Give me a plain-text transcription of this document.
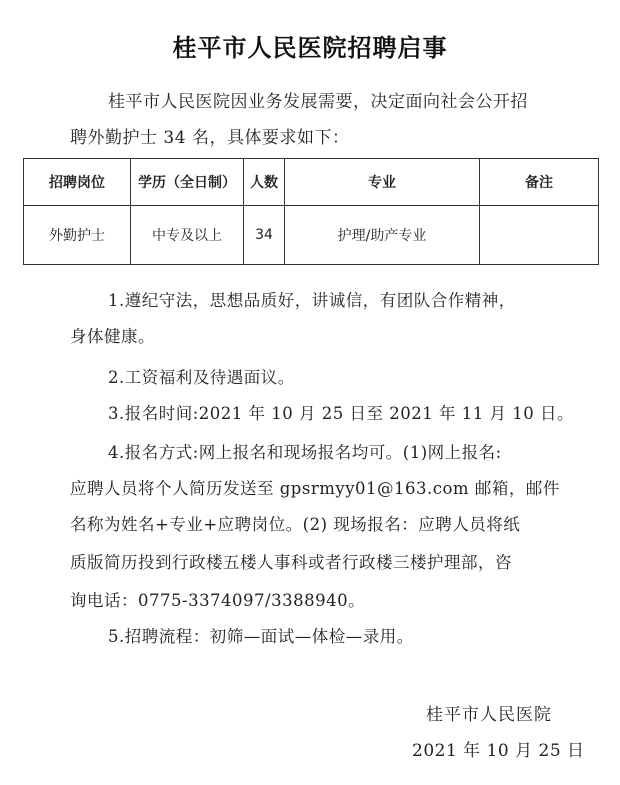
桂平市人民医院招聘启事
桂平市人民医院因业务发展需要，决定面向社会公开招
聘外勤护士 34 名，具体要求如下：
招聘岗位	学历（全日制）	人数	专业	备注
外勤护士	中专及以上	34	护理/助产专业	
1.遵纪守法，思想品质好，讲诚信，有团队合作精神，
身体健康。
2.工资福利及待遇面议。
3.报名时间:2021 年 10 月 25 日至 2021 年 11 月 10 日。
4.报名方式:网上报名和现场报名均可。(1)网上报名:
应聘人员将个人简历发送至 gpsrmyy01@163.com 邮箱，邮件
名称为姓名+专业+应聘岗位。(2) 现场报名：应聘人员将纸
质版简历投到行政楼五楼人事科或者行政楼三楼护理部，咨
询电话：0775-3374097/3388940。
5.招聘流程：初筛—面试—体检—录用。
桂平市人民医院
2021 年 10 月 25 日
